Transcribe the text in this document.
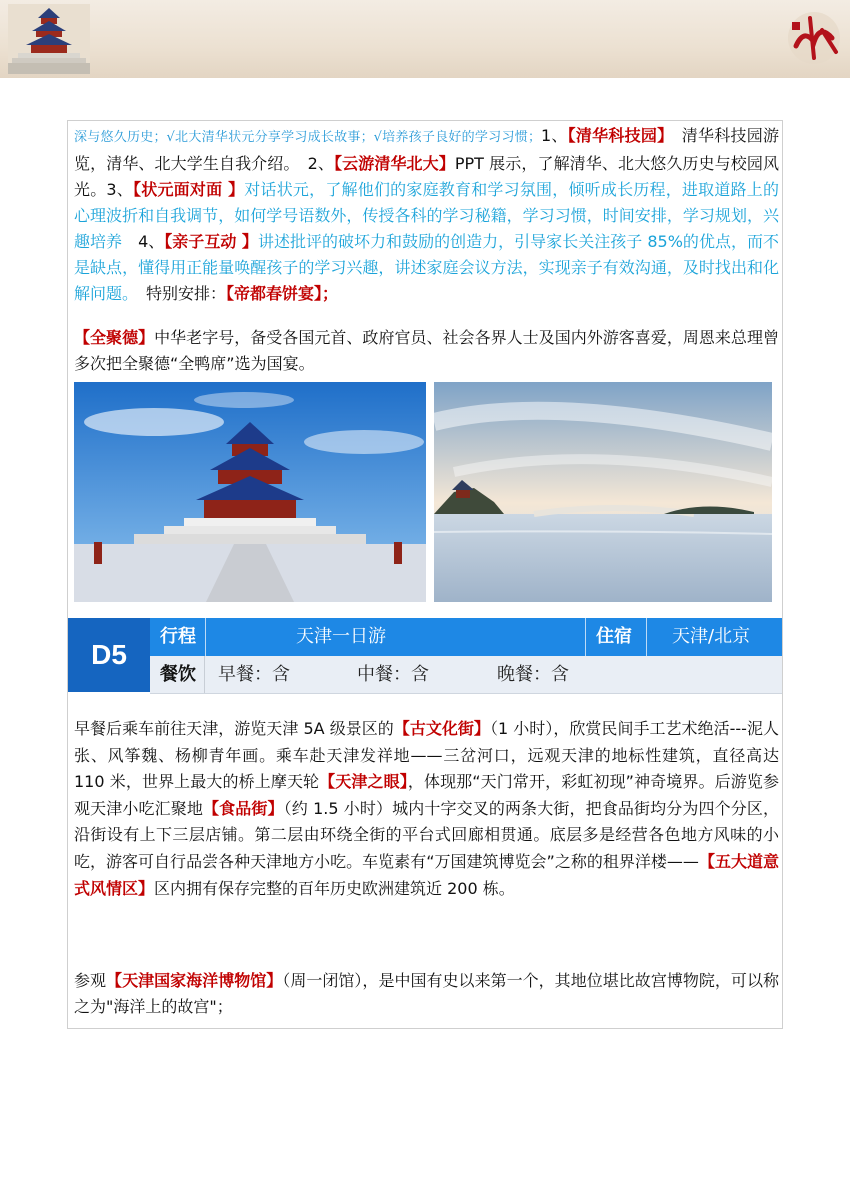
深与悠久历史；√北大清华状元分享学习成长故事；√培养孩子良好的学习习惯；1、【清华科技园】　 清华科技园游览，清华、北大学生自我介绍。　 2、【云游清华北大】PPT 展示，了解清华、北大悠久历史与校园风光。3、【状元面对面 】对话状元，了解他们的家庭教育和学习氛围，倾听成长历程，进取道路上的心理波折和自我调节，如何学号语数外，传授各科的学习秘籍，学习习惯，时间安排，学习规划，兴趣培养　 4、【亲子互动 】讲述批评的破坏力和鼓励的创造力，引导家长关注孩子 85%的优点，而不是缺点，懂得用正能量唤醒孩子的学习兴趣，讲述家庭会议方法，实现亲子有效沟通，及时找出和化解问题。　 特别安排：【帝都春饼宴】；

【全聚德】中华老字号，备受各国元首、政府官员、社会各界人士及国内外游客喜爱，周恩来总理曾多次把全聚德“全鸭席”选为国宴。

D5
行程	天津一日游	住宿 天津/北京
餐饮 早餐：含	中餐：含	晚餐：含

早餐后乘车前往天津，游览天津 5A 级景区的【古文化街】（1 小时），欣赏民间手工艺术绝活---泥人张、风筝魏、杨柳青年画。乘车赴天津发祥地——三岔河口，远观天津的地标性建筑，直径高达 110 米，世界上最大的桥上摩天轮【天津之眼】，体现那“天门常开，彩虹初现”神奇境界。后游览参观天津小吃汇聚地【食品街】（约 1.5 小时）城内十字交叉的两条大街，把食品街均分为四个分区，沿街设有上下三层店铺。第二层由环绕全街的平台式回廊相贯通。底层多是经营各色地方风味的小吃，游客可自行品尝各种天津地方小吃。车览素有“万国建筑博览会”之称的租界洋楼——【五大道意式风情区】区内拥有保存完整的百年历史欧洲建筑近 200 栋。

参观【天津国家海洋博物馆】（周一闭馆），是中国有史以来第一个，其地位堪比故宫博物院，可以称之为"海洋上的故宫"；
